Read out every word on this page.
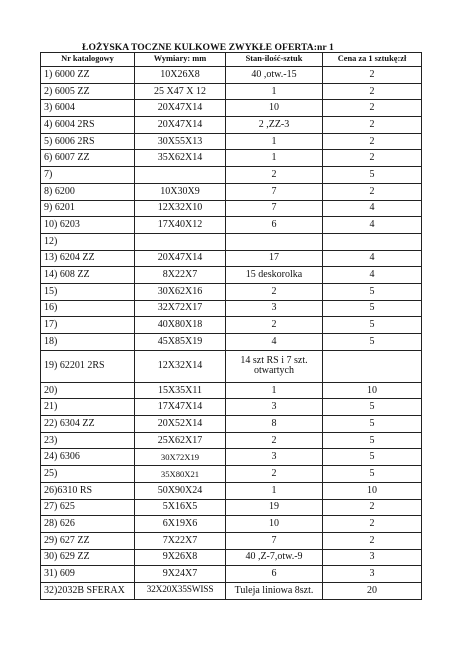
ŁOŻYSKA TOCZNE KULKOWE ZWYKŁE OFERTA:nr 1
Nr katalogowy	Wymiary: mm	Stan-ilość-sztuk	Cena za 1 sztukę:zł
1) 6000 ZZ	10X26X8	40 ,otw.-15	2
2) 6005 ZZ	25 X47 X 12	1	2
3) 6004	20X47X14	10	2
4) 6004 2RS	20X47X14	2 ,ZZ-3	2
5) 6006 2RS	30X55X13	1	2
6) 6007 ZZ	35X62X14	1	2
7)		2	5
8) 6200	10X30X9	7	2
9) 6201	12X32X10	7	4
10) 6203	17X40X12	6	4
12)			
13) 6204 ZZ	20X47X14	17	4
14) 608 ZZ	8X22X7	15 deskorolka	4
15)	30X62X16	2	5
16)	32X72X17	3	5
17)	40X80X18	2	5
18)	45X85X19	4	5
19) 62201 2RS	12X32X14	14 szt RS i 7 szt. otwartych	
20)	15X35X11	1	10
21)	17X47X14	3	5
22) 6304 ZZ	20X52X14	8	5
23)	25X62X17	2	5
24) 6306	30X72X19	3	5
25)	35X80X21	2	5
26)6310 RS	50X90X24	1	10
27) 625	5X16X5	19	2
28) 626	6X19X6	10	2
29) 627 ZZ	7X22X7	7	2
30) 629 ZZ	9X26X8	40 ,Z-7,otw.-9	3
31) 609	9X24X7	6	3
32)2032B SFERAX	32X20X35SWISS	Tuleja liniowa 8szt.	20
